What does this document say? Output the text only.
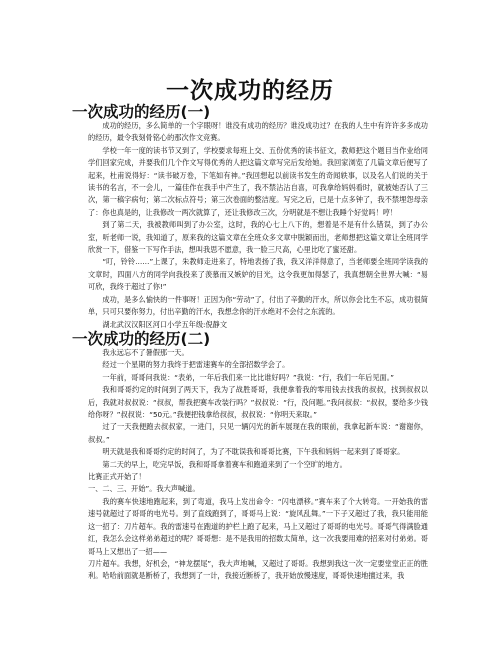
一次成功的经历
一次成功的经历(一)

成功的经历，多么简单的一个字眼呀！谁没有成功的经历？谁没成功过？在我的人生中有许许多多成功的经历，最令我刻骨铭心的那次作文竞赛。

学校一年一度的读书节又到了，学校要求每班上交、五份优秀的读书征文，教师把这个题目当作业给同学们回家完成，并要我们几个作文写得优秀的人把这篇文章写完后发给她。我回家浏览了几篇文章后便写了起来，杜甫说得好：“读书破万卷，下笔如有神。”我回想起以前读书发生的奇闻轶事，以及名人们说的关于读书的名言，不一会儿，一篇佳作在我手中产生了，我不禁沾沾自喜，可我拿给妈妈看时，就被她否认了三次，第一稿字病句；第二次标点符号；第三次卷面的整洁度。写完之后，已是十点多钟了，我不禁埋怨母亲了：你也真是的，让我修改一两次就算了，还让我修改三次，分明就是不想让我睡个好觉吗！哼！

到了第二天，我被教师叫到了办公室，这时，我的心七上八下的，想着是不是有什么错误，到了办公室，听老师一说，我知道了，原来我的这篇文章在全班众多文章中脱颖而出，老师想把这篇文章让全班同学欣赏一下，借鉴一下写作手法，想叫我思不愿意，我一脸三尺高，心里比吃了蜜还甜。

“叮，铃铃……”上课了，朱教师走进来了，特地表扬了我，我又洋洋得意了，当老师要全班同学读我的文章时，四面八方的同学向我投来了羡慕而又嫉妒的目光，这令我更加得瑟了，我真想朝全世界大喊：“易可欣，我终于超过了你!”

成功，是多么愉快的一件事呀！正因为你“劳动”了，付出了辛勤的汗水，所以你会比生不忘，成功很简单，只可只要你努力，付出辛勤的汗水，我想念你的汗水绝对不会付之东流的。

湖北武汉汉阳区河口小学五年级:倪静文

一次成功的经历(二)

我永远忘不了暑假那一天。

经过一个星期的努力我终于把雷速赛车的全部招数学会了。

一年前，哥哥问我说：“表弟，一年后我们来一比比谁好吗？”我说：“行，我们一年后见面。”

我和哥哥约定的时间到了两天下，我为了战胜哥哥，我便拿着我的零用钱去找我的叔叔，找到叔叔以后，我就对叔叔说：“叔叔，帮我把赛车改装行吗？”叔叔说：“行，没问题。”我问叔叔：“叔叔，要给多少钱给你呀？”叔叔说：“50元。”我便把钱拿给叔叔，叔叔说：“你明天来取。”

过了一天我便跑去叔叔家，一进门，只见一辆闪光的新车展现在我的眼前，我拿起新车说：“谢谢你，叔叔。”

明天就是我和哥哥约定的时间了，为了不耽误我和哥哥比赛，下午我和妈妈一起来到了哥哥家。

第二天的早上，吃完早饭，我和哥哥拿着赛车和跑道来到了一个空旷的地方。

比赛正式开始了！

一、二、三、开始”。我大声喊道。

我的赛车快速地跑起来，到了弯道，我马上发出命令：“闪电漂移。”赛车来了个大转弯。一开始我的雷速号就超过了哥哥的电光号。到了直线跑到了，哥哥马上说：“旋风乱舞。”一下子又超过了我，我只能用能这一招了：刀片超车。我的雷速号在跑道的护栏上跑了起来，马上又超过了哥哥的电光号。哥哥气得满脸通红，我怎么会这样弟弟超过的呢？哥哥想：是不是我用的招数太简单，这一次我要用难的招来对付弟弟。哥哥马上又想出了一招——

刀片超车。我想，好机会，“神龙摆尾”，我大声地喊，又超过了哥哥。我想到我这一次一定要堂堂正正的胜利。哈哈前面就是断桥了，我想到了一计，我接近断桥了，我开始放慢速度，哥哥快速地擅过来，我
